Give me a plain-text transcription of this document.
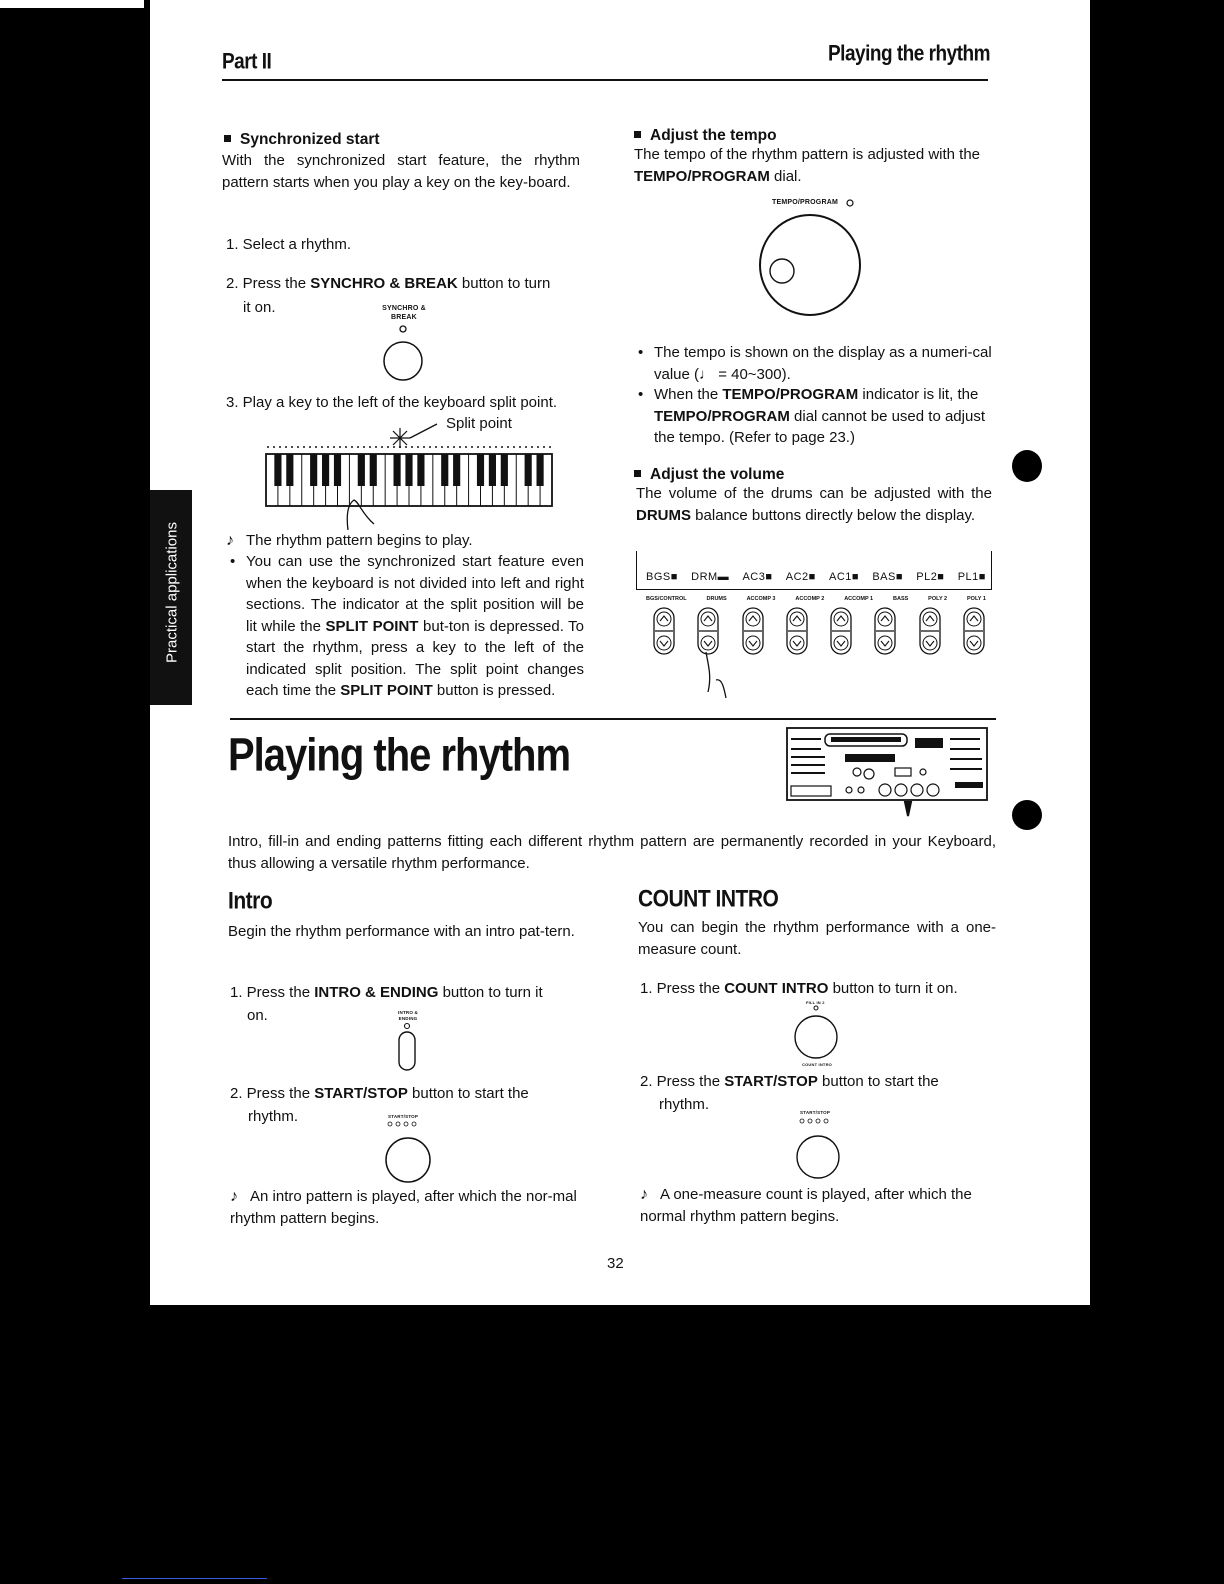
Part II	Playing the rhythm
Practical applications
Synchronized start

With the synchronized start feature, the rhythm pattern starts when you play a key on the key-board.

1. Select a rhythm.

2. Press the SYNCHRO & BREAK button to turn

it on.	SYNCHRO &
BREAK

3. Play a key to the left of the keyboard split point.

Split point

♪ The rhythm pattern begins to play.

• You can use the synchronized start feature even when the keyboard is not divided into left and right sections. The indicator at the split position will be lit while the SPLIT POINT but-ton is depressed. To start the rhythm, press a key to the left of the indicated split position. The split point changes each time the SPLIT POINT button is pressed.

Adjust the tempo

The tempo of the rhythm pattern is adjusted with the TEMPO/PROGRAM dial.

TEMPO/PROGRAM
• The tempo is shown on the display as a numeri-cal value (♩ = 40~300).

• When the TEMPO/PROGRAM indicator is lit, the TEMPO/PROGRAM dial cannot be used to adjust the tempo. (Refer to page 23.)

Adjust the volume

The volume of the drums can be adjusted with the DRUMS balance buttons directly below the display.

BGS■ DRM▬ AC3■ AC2■ AC1■ BAS■ PL2■ PL1■
BGS/CONTROL	DRUMS	ACCOMP 3	ACCOMP 2	ACCOMP 1	BASS	POLY 2	POLY 1
Playing the rhythm

Intro, fill-in and ending patterns fitting each different rhythm pattern are permanently recorded in your Keyboard, thus allowing a versatile rhythm performance.

Intro

Begin the rhythm performance with an intro pat-tern.

1. Press the INTRO & ENDING button to turn it

on.	INTRO & ENDING

2. Press the START/STOP button to start the

rhythm.	START/STOP

♪ An intro pattern is played, after which the nor-mal rhythm pattern begins.

COUNT INTRO

You can begin the rhythm performance with a one-measure count.

1. Press the COUNT INTRO button to turn it on.

FILL IN 2
COUNT INTRO

2. Press the START/STOP button to start the

rhythm.	START/STOP

♪ A one-measure count is played, after which the normal rhythm pattern begins.

32
